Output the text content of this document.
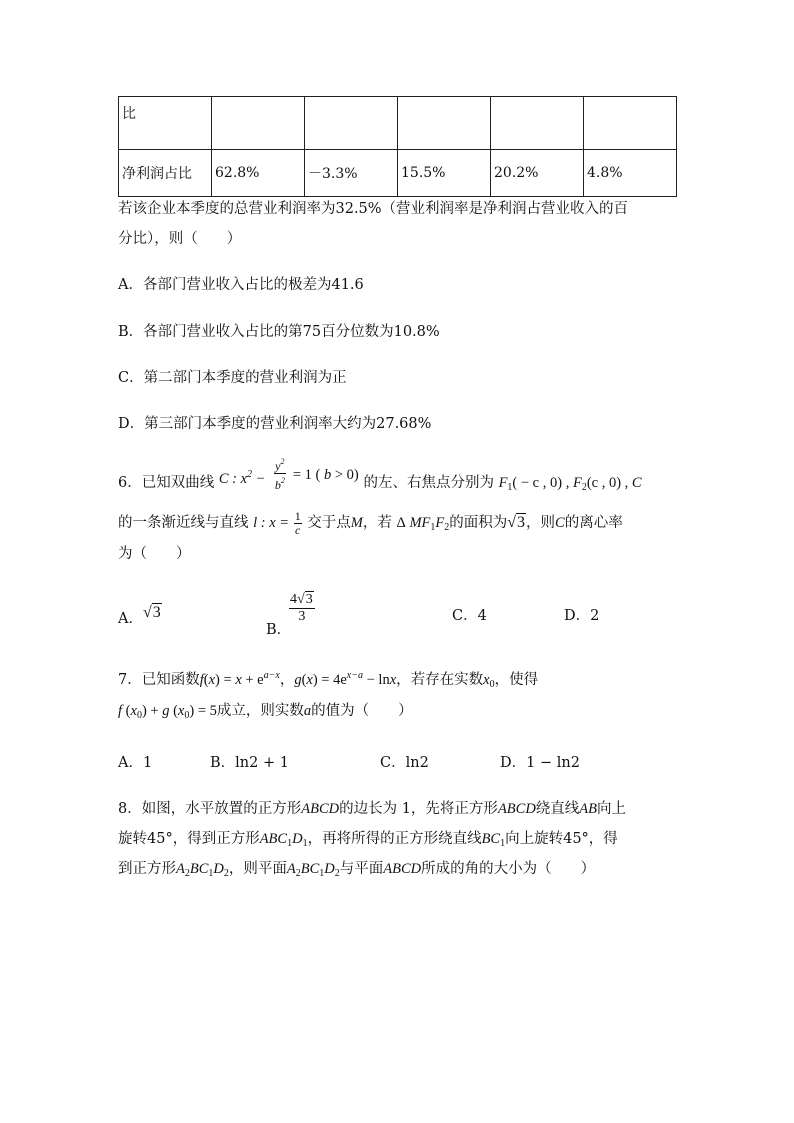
比					
净利润占比	62.8%	－3.3%	15.5%	20.2%	4.8%
若该企业本季度的总营业利润率为32.5%（营业利润率是净利润占营业收入的百
分比），则（　　）
A．各部门营业收入占比的极差为41.6
B．各部门营业收入占比的第75百分位数为10.8%
C．第二部门本季度的营业利润为正
D．第三部门本季度的营业利润率大约为27.68%
6．已知双曲线 C : $x^2 - \frac{y^2}{b^2} = 1$ ( b > 0) 的左、右焦点分别为 $F_1( - c$ , 0) , $F_2(c$ , 0) , C
的一条渐近线与直线 l : $x = \frac{1}{c}$ 交于点M，若 Δ $MF_1F_2$的面积为√3，则C的离心率
为（　　）
A．√3
B．
$\frac{4√3}{3}$	C．4	D．2
7．已知函数$f(x) = x + e^{a-x}$，$g(x) = 4e^{x-a} - \ln x$，若存在实数$x_0$，使得
f $(x_0) + g$ $(x_0) = 5$成立，则实数a的值为（　　）
A．1	B．ln2 + 1	C．ln2	D．1 − ln2
8．如图，水平放置的正方形ABCD的边长为 1，先将正方形ABCD绕直线AB向上
旋转45°，得到正方形$ABC_1D_1$，再将所得的正方形绕直线$BC_1$向上旋转45°，得
到正方形$A_2BC_1D_2$，则平面$A_2BC_1D_2$与平面ABCD所成的角的大小为（　　）
